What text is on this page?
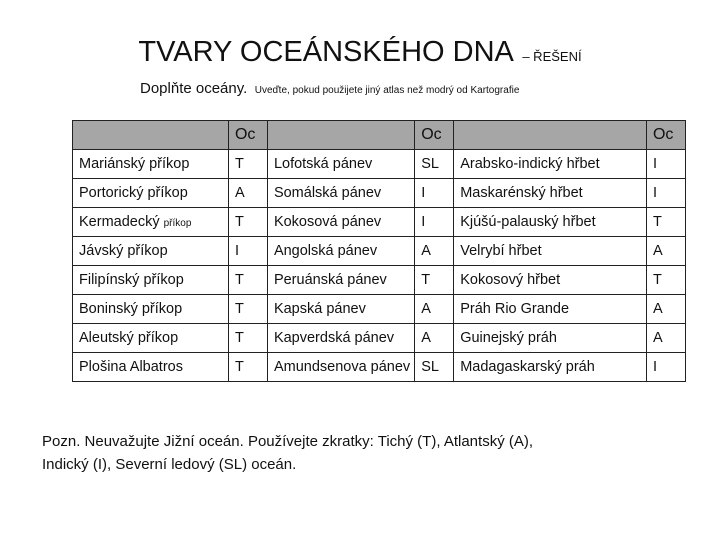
TVARY OCEÁNSKÉHO DNA – ŘEŠENÍ
Doplňte oceány. Uveďte, pokud použijete jiný atlas než modrý od Kartografie
	Oc		Oc		Oc
Mariánský příkop	T	Lofotská pánev	SL	Arabsko-indický hřbet	I
Portorický příkop	A	Somálská pánev	I	Maskarénský hřbet	I
Kermadecký příkop	T	Kokosová pánev	I	Kjúšú-palauský hřbet	T
Jávský příkop	I	Angolská pánev	A	Velrybí hřbet	A
Filipínský příkop	T	Peruánská pánev	T	Kokosový hřbet	T
Boninský příkop	T	Kapská pánev	A	Práh Rio Grande	A
Aleutský příkop	T	Kapverdská pánev	A	Guinejský práh	A
Plošina Albatros	T	Amundsenova pánev	SL	Madagaskarský práh	I
Pozn. Neuvažujte Jižní oceán. Používejte zkratky: Tichý (T), Atlantský (A),
Indický (I), Severní ledový (SL) oceán.
